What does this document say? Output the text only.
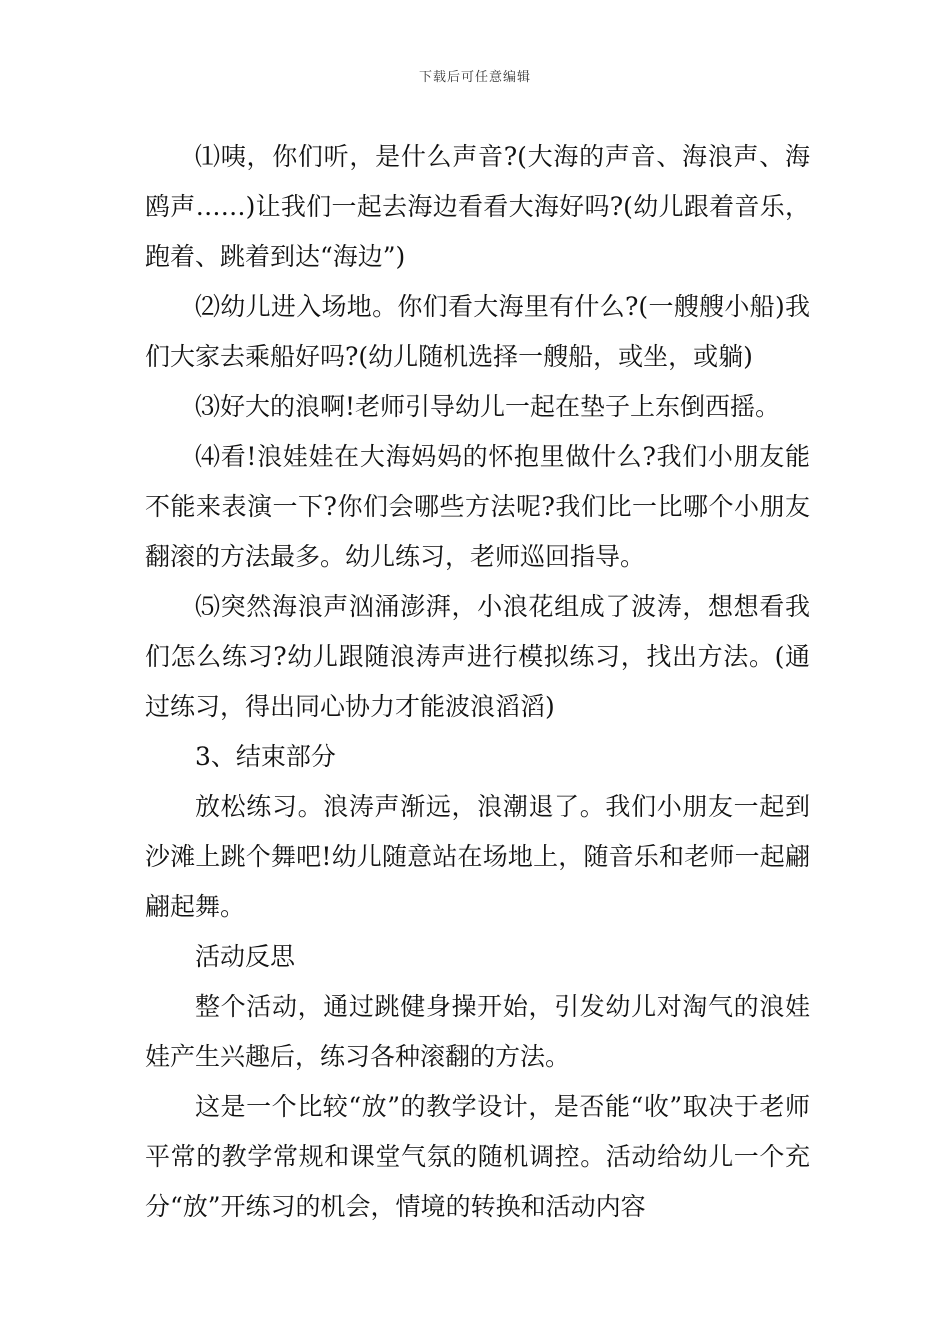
下载后可任意编辑

⑴咦，你们听，是什么声音?(大海的声音、海浪声、海鸥声……)让我们一起去海边看看大海好吗?(幼儿跟着音乐，跑着、跳着到达“海边”)

⑵幼儿进入场地。你们看大海里有什么?(一艘艘小船)我们大家去乘船好吗?(幼儿随机选择一艘船，或坐，或躺)

⑶好大的浪啊!老师引导幼儿一起在垫子上东倒西摇。

⑷看!浪娃娃在大海妈妈的怀抱里做什么?我们小朋友能不能来表演一下?你们会哪些方法呢?我们比一比哪个小朋友翻滚的方法最多。幼儿练习，老师巡回指导。

⑸突然海浪声汹涌澎湃，小浪花组成了波涛，想想看我们怎么练习?幼儿跟随浪涛声进行模拟练习，找出方法。(通过练习，得出同心协力才能波浪滔滔)

3、结束部分

放松练习。浪涛声渐远，浪潮退了。我们小朋友一起到沙滩上跳个舞吧!幼儿随意站在场地上，随音乐和老师一起翩翩起舞。

活动反思

整个活动，通过跳健身操开始，引发幼儿对淘气的浪娃娃产生兴趣后，练习各种滚翻的方法。

这是一个比较“放”的教学设计，是否能“收”取决于老师平常的教学常规和课堂气氛的随机调控。活动给幼儿一个充分“放”开练习的机会，情境的转换和活动内容
